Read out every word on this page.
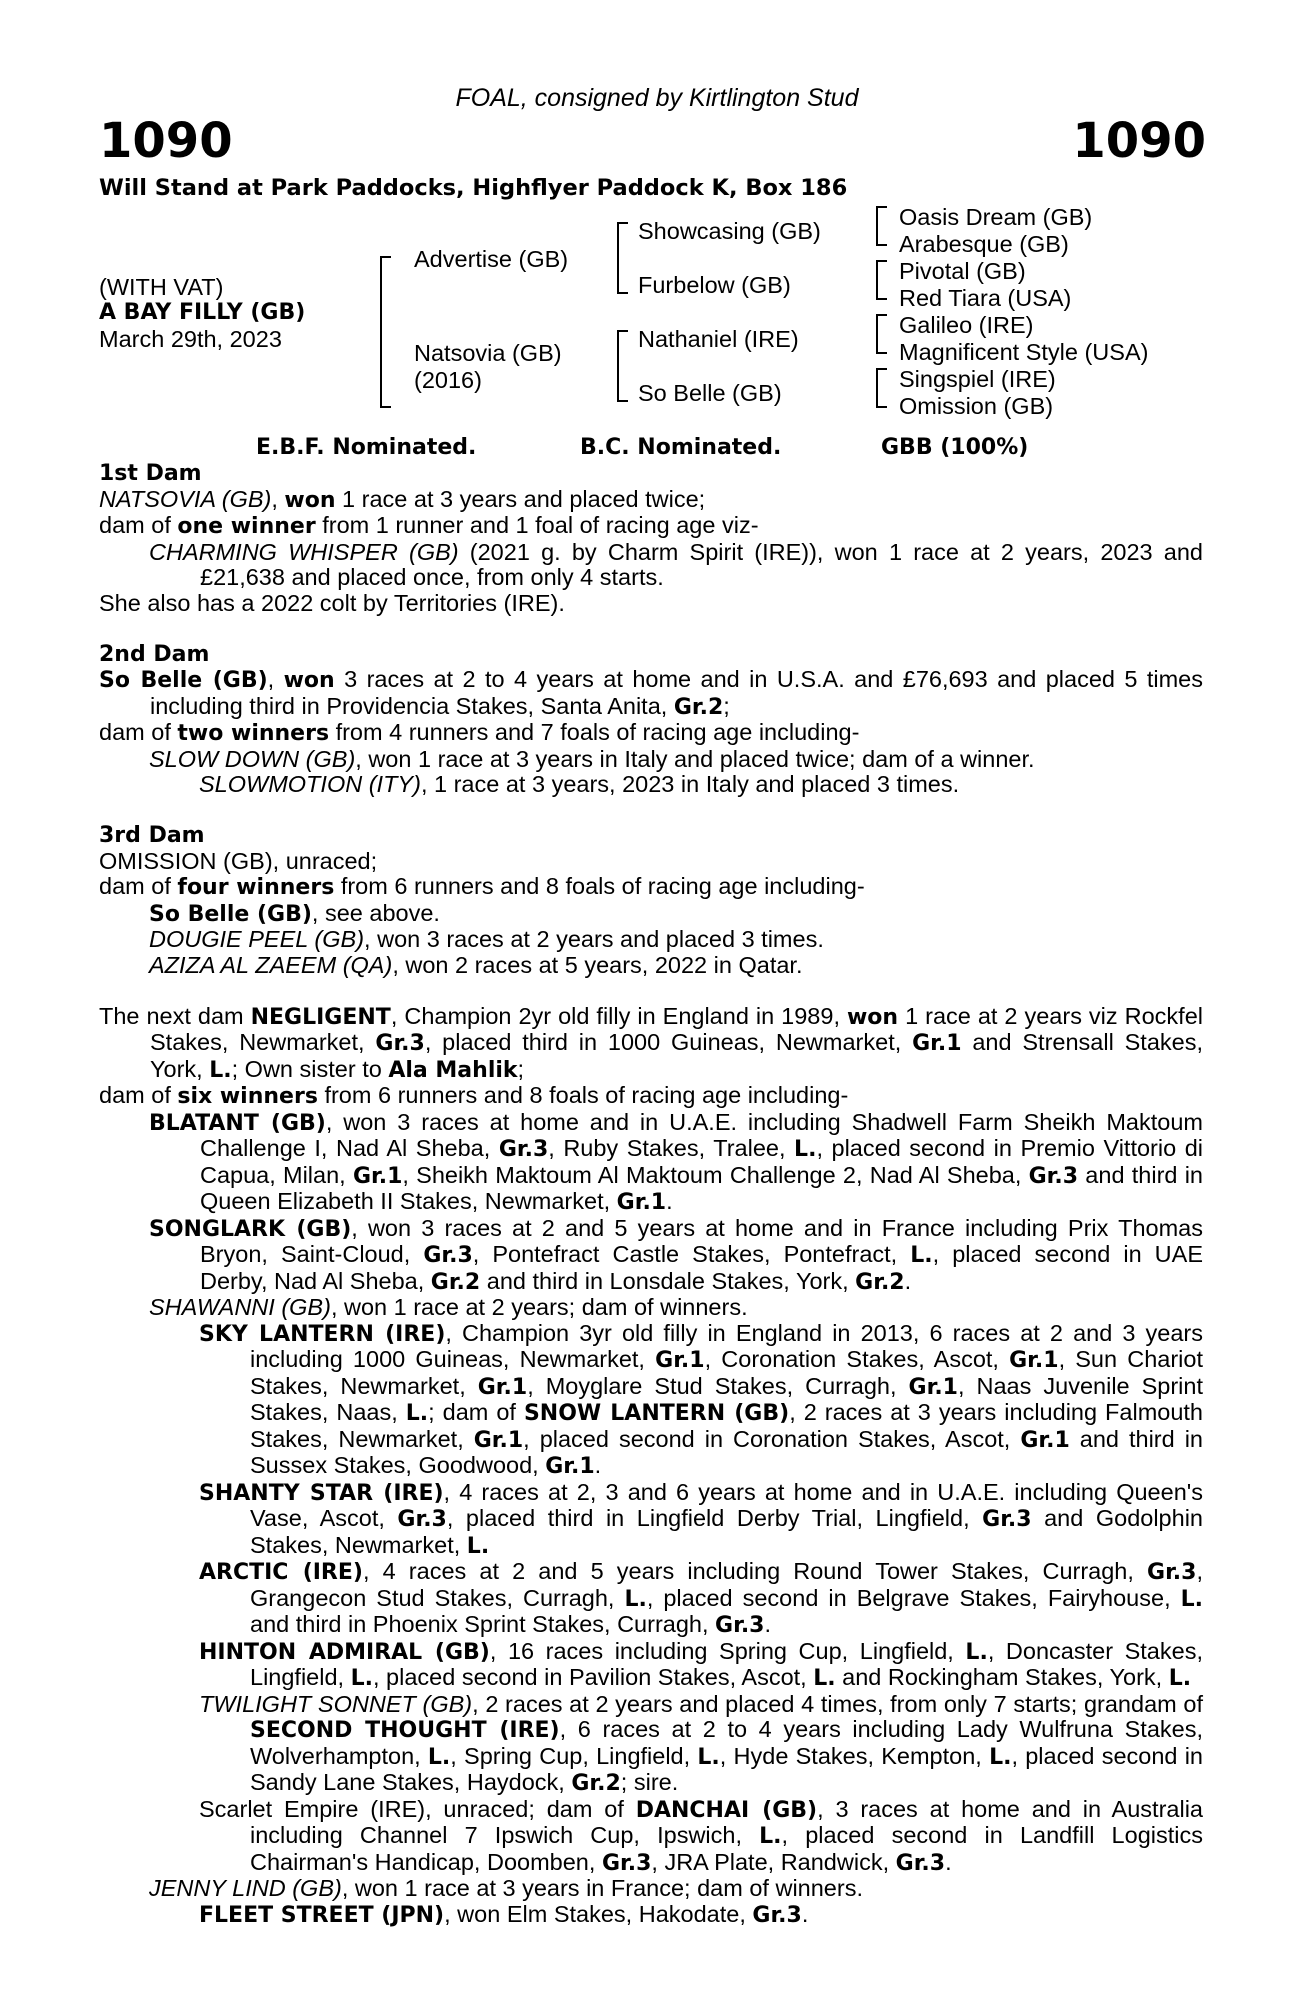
FOAL, consigned by Kirtlington Stud
1090	1090
Will Stand at Park Paddocks, Highflyer Paddock K, Box 186
(WITH VAT)
A BAY FILLY (GB)
March 29th, 2023
Advertise (GB)
Natsovia (GB)
(2016)
Showcasing (GB)
Furbelow (GB)
Nathaniel (IRE)
So Belle (GB)
Oasis Dream (GB)
Arabesque (GB)
Pivotal (GB)
Red Tiara (USA)
Galileo (IRE)
Magnificent Style (USA)
Singspiel (IRE)
Omission (GB)
E.B.F. Nominated.	B.C. Nominated.	GBB (100%)
1st Dam
NATSOVIA (GB), won 1 race at 3 years and placed twice;
dam of one winner from 1 runner and 1 foal of racing age viz-
CHARMING WHISPER (GB) (2021 g. by Charm Spirit (IRE)), won 1 race at 2 years, 2023 and £21,638 and placed once, from only 4 starts.
She also has a 2022 colt by Territories (IRE).
2nd Dam
So Belle (GB), won 3 races at 2 to 4 years at home and in U.S.A. and £76,693 and placed 5 times including third in Providencia Stakes, Santa Anita, Gr.2;
dam of two winners from 4 runners and 7 foals of racing age including-
SLOW DOWN (GB), won 1 race at 3 years in Italy and placed twice; dam of a winner.
SLOWMOTION (ITY), 1 race at 3 years, 2023 in Italy and placed 3 times.
3rd Dam
OMISSION (GB), unraced;
dam of four winners from 6 runners and 8 foals of racing age including-
So Belle (GB), see above.
DOUGIE PEEL (GB), won 3 races at 2 years and placed 3 times.
AZIZA AL ZAEEM (QA), won 2 races at 5 years, 2022 in Qatar.
The next dam NEGLIGENT, Champion 2yr old filly in England in 1989, won 1 race at 2 years viz Rockfel Stakes, Newmarket, Gr.3, placed third in 1000 Guineas, Newmarket, Gr.1 and Strensall Stakes, York, L.; Own sister to Ala Mahlik;
dam of six winners from 6 runners and 8 foals of racing age including-
BLATANT (GB), won 3 races at home and in U.A.E. including Shadwell Farm Sheikh Maktoum Challenge I, Nad Al Sheba, Gr.3, Ruby Stakes, Tralee, L., placed second in Premio Vittorio di Capua, Milan, Gr.1, Sheikh Maktoum Al Maktoum Challenge 2, Nad Al Sheba, Gr.3 and third in Queen Elizabeth II Stakes, Newmarket, Gr.1.
SONGLARK (GB), won 3 races at 2 and 5 years at home and in France including Prix Thomas Bryon, Saint-Cloud, Gr.3, Pontefract Castle Stakes, Pontefract, L., placed second in UAE Derby, Nad Al Sheba, Gr.2 and third in Lonsdale Stakes, York, Gr.2.
SHAWANNI (GB), won 1 race at 2 years; dam of winners.
SKY LANTERN (IRE), Champion 3yr old filly in England in 2013, 6 races at 2 and 3 years including 1000 Guineas, Newmarket, Gr.1, Coronation Stakes, Ascot, Gr.1, Sun Chariot Stakes, Newmarket, Gr.1, Moyglare Stud Stakes, Curragh, Gr.1, Naas Juvenile Sprint Stakes, Naas, L.; dam of SNOW LANTERN (GB), 2 races at 3 years including Falmouth Stakes, Newmarket, Gr.1, placed second in Coronation Stakes, Ascot, Gr.1 and third in Sussex Stakes, Goodwood, Gr.1.
SHANTY STAR (IRE), 4 races at 2, 3 and 6 years at home and in U.A.E. including Queen's Vase, Ascot, Gr.3, placed third in Lingfield Derby Trial, Lingfield, Gr.3 and Godolphin Stakes, Newmarket, L.
ARCTIC (IRE), 4 races at 2 and 5 years including Round Tower Stakes, Curragh, Gr.3, Grangecon Stud Stakes, Curragh, L., placed second in Belgrave Stakes, Fairyhouse, L. and third in Phoenix Sprint Stakes, Curragh, Gr.3.
HINTON ADMIRAL (GB), 16 races including Spring Cup, Lingfield, L., Doncaster Stakes, Lingfield, L., placed second in Pavilion Stakes, Ascot, L. and Rockingham Stakes, York, L.
TWILIGHT SONNET (GB), 2 races at 2 years and placed 4 times, from only 7 starts; grandam of SECOND THOUGHT (IRE), 6 races at 2 to 4 years including Lady Wulfruna Stakes, Wolverhampton, L., Spring Cup, Lingfield, L., Hyde Stakes, Kempton, L., placed second in Sandy Lane Stakes, Haydock, Gr.2; sire.
Scarlet Empire (IRE), unraced; dam of DANCHAI (GB), 3 races at home and in Australia including Channel 7 Ipswich Cup, Ipswich, L., placed second in Landfill Logistics Chairman's Handicap, Doomben, Gr.3, JRA Plate, Randwick, Gr.3.
JENNY LIND (GB), won 1 race at 3 years in France; dam of winners.
FLEET STREET (JPN), won Elm Stakes, Hakodate, Gr.3.
